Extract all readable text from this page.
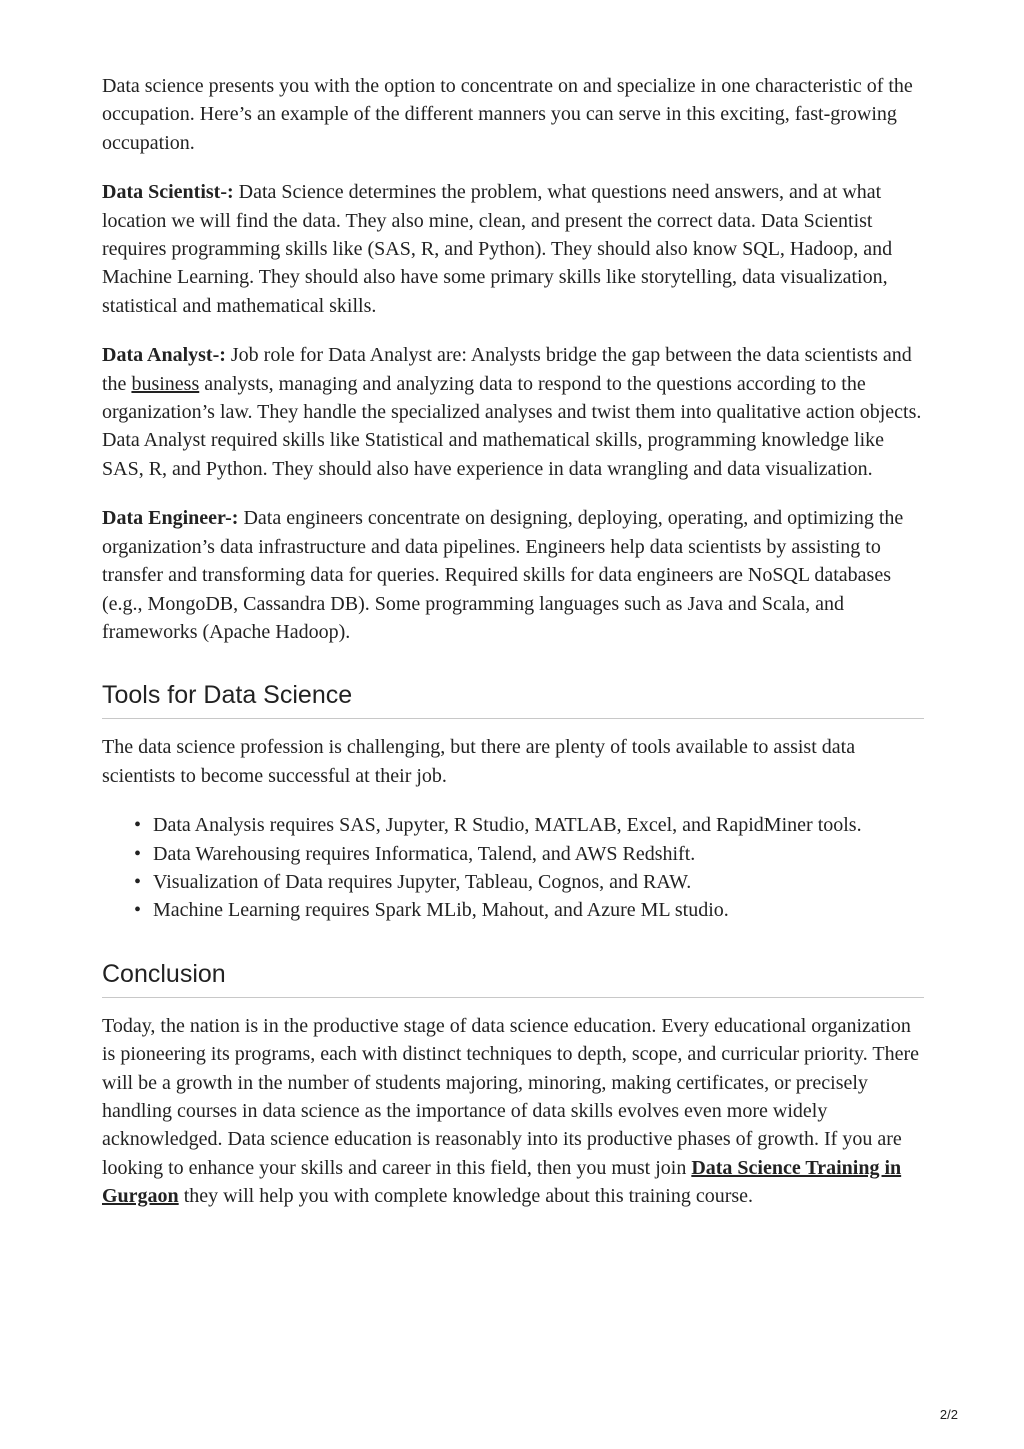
Data science presents you with the option to concentrate on and specialize in one characteristic of the occupation. Here’s an example of the different manners you can serve in this exciting, fast-growing occupation.

Data Scientist-: Data Science determines the problem, what questions need answers, and at what location we will find the data. They also mine, clean, and present the correct data. Data Scientist requires programming skills like (SAS, R, and Python). They should also know SQL, Hadoop, and Machine Learning. They should also have some primary skills like storytelling, data visualization, statistical and mathematical skills.

Data Analyst-: Job role for Data Analyst are: Analysts bridge the gap between the data scientists and the business analysts, managing and analyzing data to respond to the questions according to the organization’s law. They handle the specialized analyses and twist them into qualitative action objects. Data Analyst required skills like Statistical and mathematical skills, programming knowledge like SAS, R, and Python. They should also have experience in data wrangling and data visualization.

Data Engineer-: Data engineers concentrate on designing, deploying, operating, and optimizing the organization’s data infrastructure and data pipelines. Engineers help data scientists by assisting to transfer and transforming data for queries. Required skills for data engineers are NoSQL databases (e.g., MongoDB, Cassandra DB). Some programming languages such as Java and Scala, and frameworks (Apache Hadoop).

Tools for Data Science

The data science profession is challenging, but there are plenty of tools available to assist data scientists to become successful at their job.

• Data Analysis requires SAS, Jupyter, R Studio, MATLAB, Excel, and RapidMiner tools.
• Data Warehousing requires Informatica, Talend, and AWS Redshift.
• Visualization of Data requires Jupyter, Tableau, Cognos, and RAW.
• Machine Learning requires Spark MLib, Mahout, and Azure ML studio.
Conclusion

Today, the nation is in the productive stage of data science education. Every educational organization is pioneering its programs, each with distinct techniques to depth, scope, and curricular priority. There will be a growth in the number of students majoring, minoring, making certificates, or precisely handling courses in data science as the importance of data skills evolves even more widely acknowledged. Data science education is reasonably into its productive phases of growth. If you are looking to enhance your skills and career in this field, then you must join Data Science Training in Gurgaon they will help you with complete knowledge about this training course.

2/2
